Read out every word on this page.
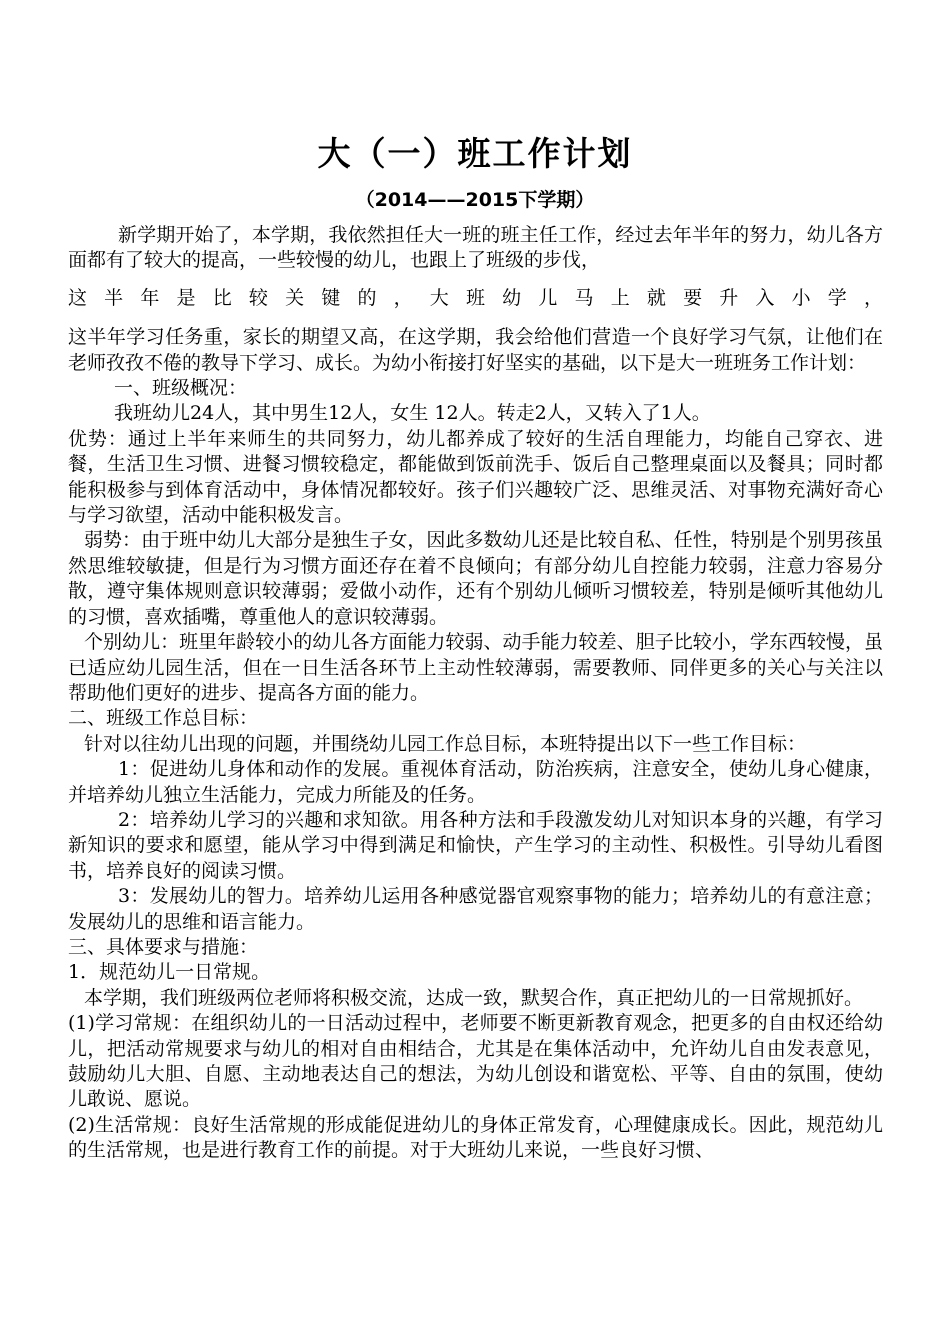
大（一）班工作计划
（2014——2015下学期）

新学期开始了，本学期，我依然担任大一班的班主任工作，经过去年半年的努力，幼儿各方面都有了较大的提高，一些较慢的幼儿，也跟上了班级的步伐，

这半年是比较关键的，大班幼儿马上就要升入小学，

这半年学习任务重，家长的期望又高，在这学期，我会给他们营造一个良好学习气氛，让他们在老师孜孜不倦的教导下学习、成长。为幼小衔接打好坚实的基础，以下是大一班班务工作计划：

一、班级概况：

我班幼儿24人，其中男生12人，女生 12人。转走2人，又转入了1人。

优势：通过上半年来师生的共同努力，幼儿都养成了较好的生活自理能力，均能自己穿衣、进餐，生活卫生习惯、进餐习惯较稳定，都能做到饭前洗手、饭后自己整理桌面以及餐具；同时都能积极参与到体育活动中，身体情况都较好。孩子们兴趣较广泛、思维灵活、对事物充满好奇心与学习欲望，活动中能积极发言。

弱势：由于班中幼儿大部分是独生子女，因此多数幼儿还是比较自私、任性，特别是个别男孩虽然思维较敏捷，但是行为习惯方面还存在着不良倾向；有部分幼儿自控能力较弱，注意力容易分散，遵守集体规则意识较薄弱；爱做小动作，还有个别幼儿倾听习惯较差，特别是倾听其他幼儿的习惯，喜欢插嘴，尊重他人的意识较薄弱。

个别幼儿：班里年龄较小的幼儿各方面能力较弱、动手能力较差、胆子比较小，学东西较慢，虽已适应幼儿园生活，但在一日生活各环节上主动性较薄弱，需要教师、同伴更多的关心与关注以帮助他们更好的进步、提高各方面的能力。

二、班级工作总目标：

针对以往幼儿出现的问题，并围绕幼儿园工作总目标，本班特提出以下一些工作目标：

1：促进幼儿身体和动作的发展。重视体育活动，防治疾病，注意安全，使幼儿身心健康，并培养幼儿独立生活能力，完成力所能及的任务。

2：培养幼儿学习的兴趣和求知欲。用各种方法和手段激发幼儿对知识本身的兴趣，有学习新知识的要求和愿望，能从学习中得到满足和愉快，产生学习的主动性、积极性。引导幼儿看图书，培养良好的阅读习惯。

3：发展幼儿的智力。培养幼儿运用各种感觉器官观察事物的能力；培养幼儿的有意注意；发展幼儿的思维和语言能力。

三、具体要求与措施：

1．规范幼儿一日常规。

本学期，我们班级两位老师将积极交流，达成一致，默契合作，真正把幼儿的一日常规抓好。

(1)学习常规：在组织幼儿的一日活动过程中，老师要不断更新教育观念，把更多的自由权还给幼儿，把活动常规要求与幼儿的相对自由相结合，尤其是在集体活动中，允许幼儿自由发表意见，鼓励幼儿大胆、自愿、主动地表达自己的想法，为幼儿创设和谐宽松、平等、自由的氛围，使幼儿敢说、愿说。

(2)生活常规：良好生活常规的形成能促进幼儿的身体正常发育，心理健康成长。因此，规范幼儿的生活常规，也是进行教育工作的前提。对于大班幼儿来说，一些良好习惯、
